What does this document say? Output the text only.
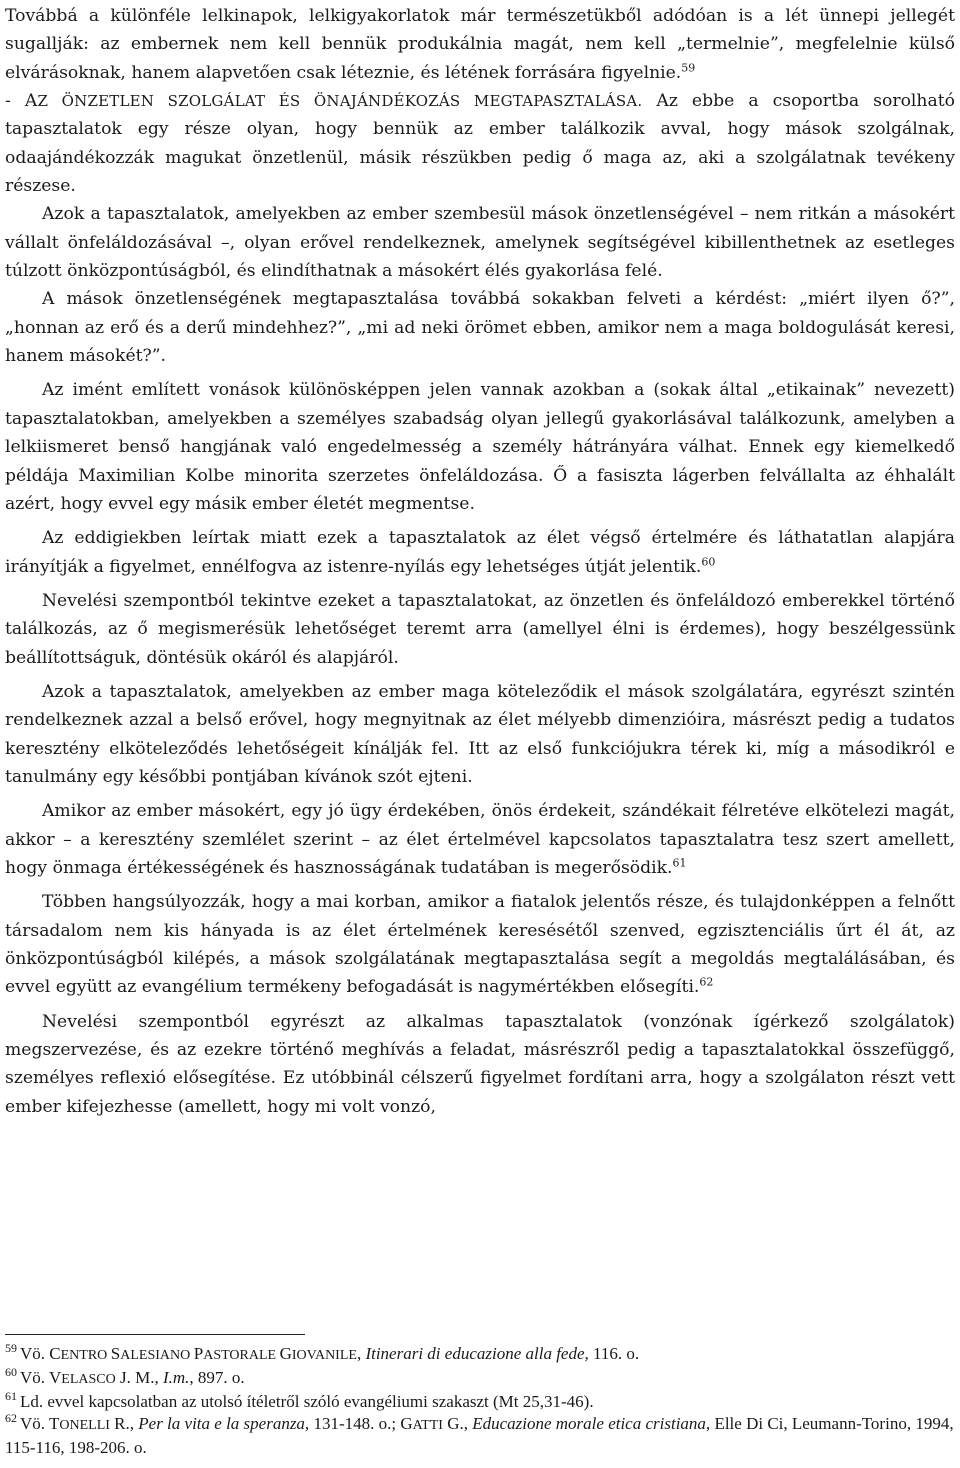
Továbbá a különféle lelkinapok, lelkigyakorlatok már természetükből adódóan is a lét ünnepi jellegét sugallják: az embernek nem kell bennük produkálnia magát, nem kell „termelnie”, megfelelnie külső elvárásoknak, hanem alapvetően csak léteznie, és létének forrására figyelnie.$^{59}$

- AZ ÖNZETLEN SZOLGÁLAT ÉS ÖNAJÁNDÉKOZÁS MEGTAPASZTALÁSA. Az ebbe a csoportba sorolható tapasztalatok egy része olyan, hogy bennük az ember találkozik avval, hogy mások szolgálnak, odaajándékozzák magukat önzetlenül, másik részükben pedig ő maga az, aki a szolgálatnak tevékeny részese.

Azok a tapasztalatok, amelyekben az ember szembesül mások önzetlenségével – nem ritkán a másokért vállalt önfeláldozásával –, olyan erővel rendelkeznek, amelynek segítségével kibillenthetnek az esetleges túlzott önközpontúságból, és elindíthatnak a másokért élés gyakorlása felé.

A mások önzetlenségének megtapasztalása továbbá sokakban felveti a kérdést: „miért ilyen ő?”, „honnan az erő és a derű mindehhez?”, „mi ad neki örömet ebben, amikor nem a maga boldogulását keresi, hanem másokét?”.

Az imént említett vonások különösképpen jelen vannak azokban a (sokak által „etikainak” nevezett) tapasztalatokban, amelyekben a személyes szabadság olyan jellegű gyakorlásával találkozunk, amelyben a lelkiismeret benső hangjának való engedelmesség a személy hátrányára válhat. Ennek egy kiemelkedő példája Maximilian Kolbe minorita szerzetes önfeláldozása. Ő a fasiszta lágerben felvállalta az éhhalált azért, hogy evvel egy másik ember életét megmentse.

Az eddigiekben leírtak miatt ezek a tapasztalatok az élet végső értelmére és láthatatlan alapjára irányítják a figyelmet, ennélfogva az istenre-nyílás egy lehetséges útját jelentik.$^{60}$

Nevelési szempontból tekintve ezeket a tapasztalatokat, az önzetlen és önfeláldozó emberekkel történő találkozás, az ő megismerésük lehetőséget teremt arra (amellyel élni is érdemes), hogy beszélgessünk beállítottságuk, döntésük okáról és alapjáról.

Azok a tapasztalatok, amelyekben az ember maga köteleződik el mások szolgálatára, egyrészt szintén rendelkeznek azzal a belső erővel, hogy megnyitnak az élet mélyebb dimenzióira, másrészt pedig a tudatos keresztény elköteleződés lehetőségeit kínálják fel. Itt az első funkciójukra térek ki, míg a másodikról e tanulmány egy későbbi pontjában kívánok szót ejteni.

Amikor az ember másokért, egy jó ügy érdekében, önös érdekeit, szándékait félretéve elkötelezi magát, akkor – a keresztény szemlélet szerint – az élet értelmével kapcsolatos tapasztalatra tesz szert amellett, hogy önmaga értékességének és hasznosságának tudatában is megerősödik.$^{61}$

Többen hangsúlyozzák, hogy a mai korban, amikor a fiatalok jelentős része, és tulajdonképpen a felnőtt társadalom nem kis hányada is az élet értelmének keresésétől szenved, egzisztenciális űrt él át, az önközpontúságból kilépés, a mások szolgálatának megtapasztalása segít a megoldás megtalálásában, és evvel együtt az evangélium termékeny befogadását is nagymértékben elősegíti.$^{62}$

Nevelési szempontból egyrészt az alkalmas tapasztalatok (vonzónak ígérkező szolgálatok) megszervezése, és az ezekre történő meghívás a feladat, másrészről pedig a tapasztalatokkal összefüggő, személyes reflexió elősegítése. Ez utóbbinál célszerű figyelmet fordítani arra, hogy a szolgálaton részt vett ember kifejezhesse (amellett, hogy mi volt vonzó,

$^{59}$ Vö. CENTRO SALESIANO PASTORALE GIOVANILE, Itinerari di educazione alla fede, 116. o.

$^{60}$ Vö. VELASCO J. M., I.m., 897. o.

$^{61}$ Ld. evvel kapcsolatban az utolsó ítéletről szóló evangéliumi szakaszt (Mt 25,31-46).

$^{62}$ Vö. TONELLI R., Per la vita e la speranza, 131-148. o.; GATTI G., Educazione morale etica cristiana, Elle Di Ci, Leumann-Torino, 1994, 115-116, 198-206. o.
